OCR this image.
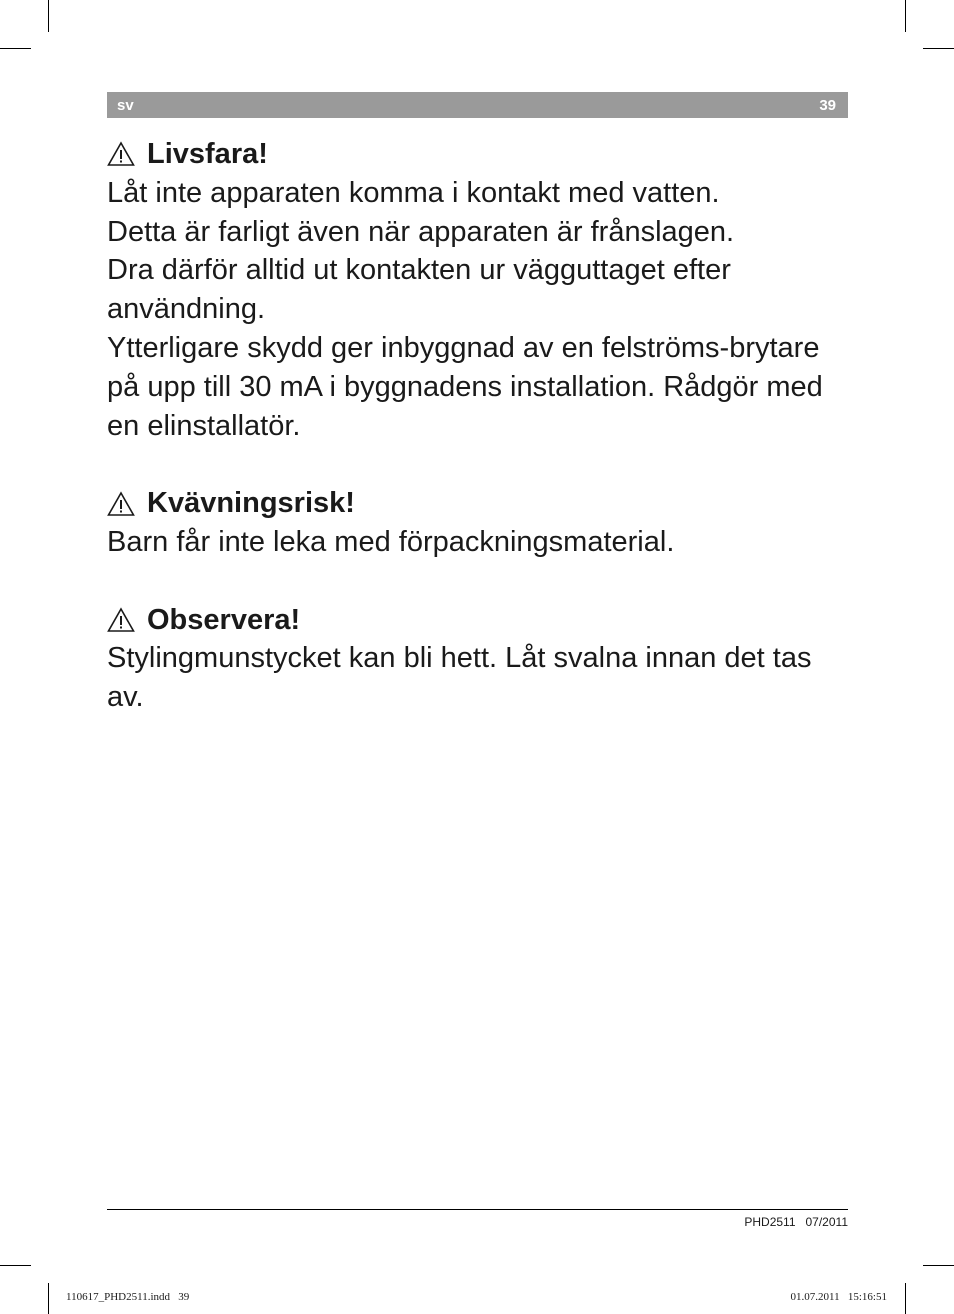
sv	39
Livsfara!

Låt inte apparaten komma i kontakt med vatten.

Detta är farligt även när apparaten är frånslagen.

Dra därför alltid ut kontakten ur vägguttaget efter användning.

Ytterligare skydd ger inbyggnad av en felströms-brytare på upp till 30 mA i byggnadens installation. Rådgör med en elinstallatör.

Kvävningsrisk!

Barn får inte leka med förpackningsmaterial.

Observera!

Stylingmunstycket kan bli hett. Låt svalna innan det tas av.

PHD2511   07/2011
110617_PHD2511.indd   39	01.07.2011   15:16:51
